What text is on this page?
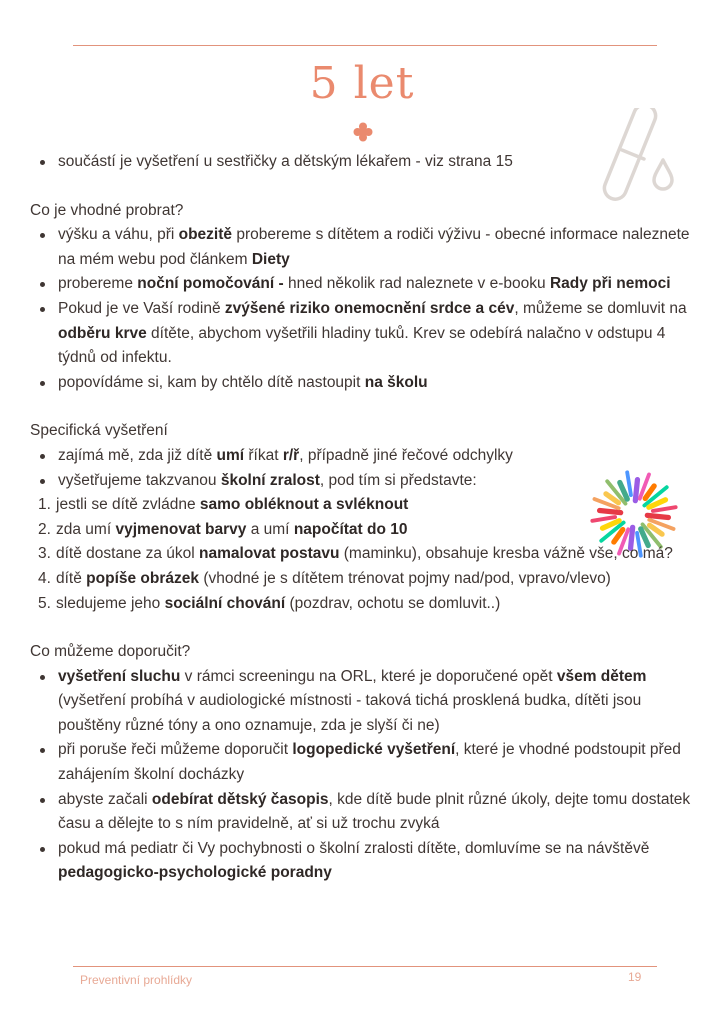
5 let
součástí je vyšetření u sestřičky a dětským lékařem - viz strana 15

Co je vhodné probrat?

výšku a váhu, při obezitě probereme s dítětem a rodiči výživu - obecné informace naleznete na mém webu pod článkem Diety
probereme noční pomočování - hned několik rad naleznete v e-booku Rady při nemoci
Pokud je ve Vaší rodině zvýšené riziko onemocnění srdce a cév, můžeme se domluvit na odběru krve dítěte, abychom vyšetřili hladiny tuků. Krev se odebírá nalačno v odstupu 4 týdnů od infektu.
popovídáme si, kam by chtělo dítě nastoupit na školu

Specifická vyšetření

zajímá mě, zda již dítě umí říkat r/ř, případně jiné řečové odchylky
vyšetřujeme takzvanou školní zralost, pod tím si představte:
1. jestli se dítě zvládne samo obléknout a svléknout
2. zda umí vyjmenovat barvy a umí napočítat do 10
3. dítě dostane za úkol namalovat postavu (maminku), obsahuje kresba vážně vše, co má?
4. dítě popíše obrázek (vhodné je s dítětem trénovat pojmy nad/pod, vpravo/vlevo)
5. sledujeme jeho sociální chování (pozdrav, ochotu se domluvit..)

Co můžeme doporučit?

vyšetření sluchu v rámci screeningu na ORL, které je doporučené opět všem dětem (vyšetření probíhá v audiologické místnosti - taková tichá prosklená budka, dítěti jsou pouštěny různé tóny a ono oznamuje, zda je slyší či ne)
při poruše řeči můžeme doporučit logopedické vyšetření, které je vhodné podstoupit před zahájením školní docházky
abyste začali odebírat dětský časopis, kde dítě bude plnit různé úkoly, dejte tomu dostatek času a dělejte to s ním pravidelně, ať si už trochu zvyká
pokud má pediatr či Vy pochybnosti o školní zralosti dítěte, domluvíme se na návštěvě pedagogicko-psychologické poradny
Preventivní prohlídky	19
